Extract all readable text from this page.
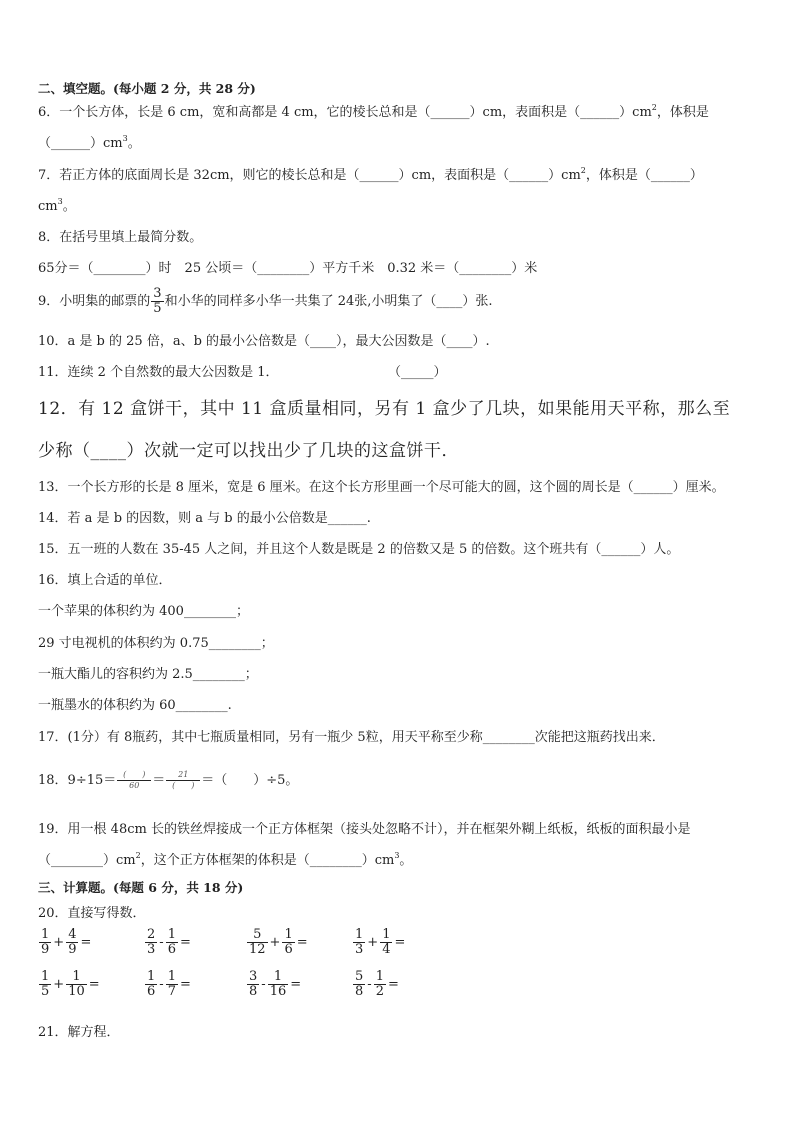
二、填空题。(每小题 2 分，共 28 分)
6．一个长方体，长是 6 cm，宽和高都是 4 cm，它的棱长总和是（______）cm，表面积是$(\_\_\_\_\_\_)cm^2$，体积是
$(\_\_\_\_\_\_)cm^3$。
7．若正方体的底面周长是 32cm，则它的棱长总和是（______）cm，表面积是$(\_\_\_\_\_\_)cm^2$，体积是（______）
$cm^3$。
8．在括号里填上最简分数。
65分＝（________）时　25 公顷＝（________）平方千米　0.32 米＝（________）米
9．小明集的邮票的 $\frac{3}{5}$ 和小华的同样多小华一共集了 24张,小明集了（____）张.
10．a 是 b 的 25 倍，a、b 的最小公倍数是（____），最大公因数是（____）.
11．连续 2 个自然数的最大公因数是 1．	（_____）
12．有 12 盒饼干，其中 11 盒质量相同，另有 1 盒少了几块，如果能用天平称，那么至
少称（____）次就一定可以找出少了几块的这盒饼干．
13．一个长方形的长是 8 厘米，宽是 6 厘米。在这个长方形里画一个尽可能大的圆，这个圆的周长是（______）厘米。
14．若 a 是 b 的因数，则 a 与 b 的最小公倍数是______.
15．五一班的人数在 35-45 人之间，并且这个人数是既是 2 的倍数又是 5 的倍数。这个班共有（______）人。
16．填上合适的单位．
一个苹果的体积约为 400________；
29 寸电视机的体积约为 0.75________；
一瓶大酯儿的容积约为 2.5________；
一瓶墨水的体积约为 60________.
17．(1分）有 8瓶药，其中七瓶质量相同，另有一瓶少 5粒，用天平称至少称________次能把这瓶药找出来．
18．$9\div 15= \frac{( )}{60} = \frac{21}{( )}$ ＝（　　）÷5。
19．用一根 48cm 长的铁丝焊接成一个正方体框架（接头处忽略不计），并在框架外糊上纸板，纸板的面积最小是
$(\_\_\_\_\_\_\_\_)cm^2$，这个正方体框架的体积是$(\_\_\_\_\_\_\_\_)cm^3$。
三、计算题。(每题 6 分，共 18 分)
20．直接写得数．
$\frac{1}{9} + \frac{4}{9}$ =	$\frac{2}{3} - \frac{1}{6}$ =	$\frac{5}{12} + \frac{1}{6}$ =	$\frac{1}{3} + \frac{1}{4}$ =
$\frac{1}{5} + \frac{1}{10}$ =	$\frac{1}{6} - \frac{1}{7}$ =	$\frac{3}{8} - \frac{1}{16}$ =	$\frac{5}{8} - \frac{1}{2}$ =
21．解方程．
